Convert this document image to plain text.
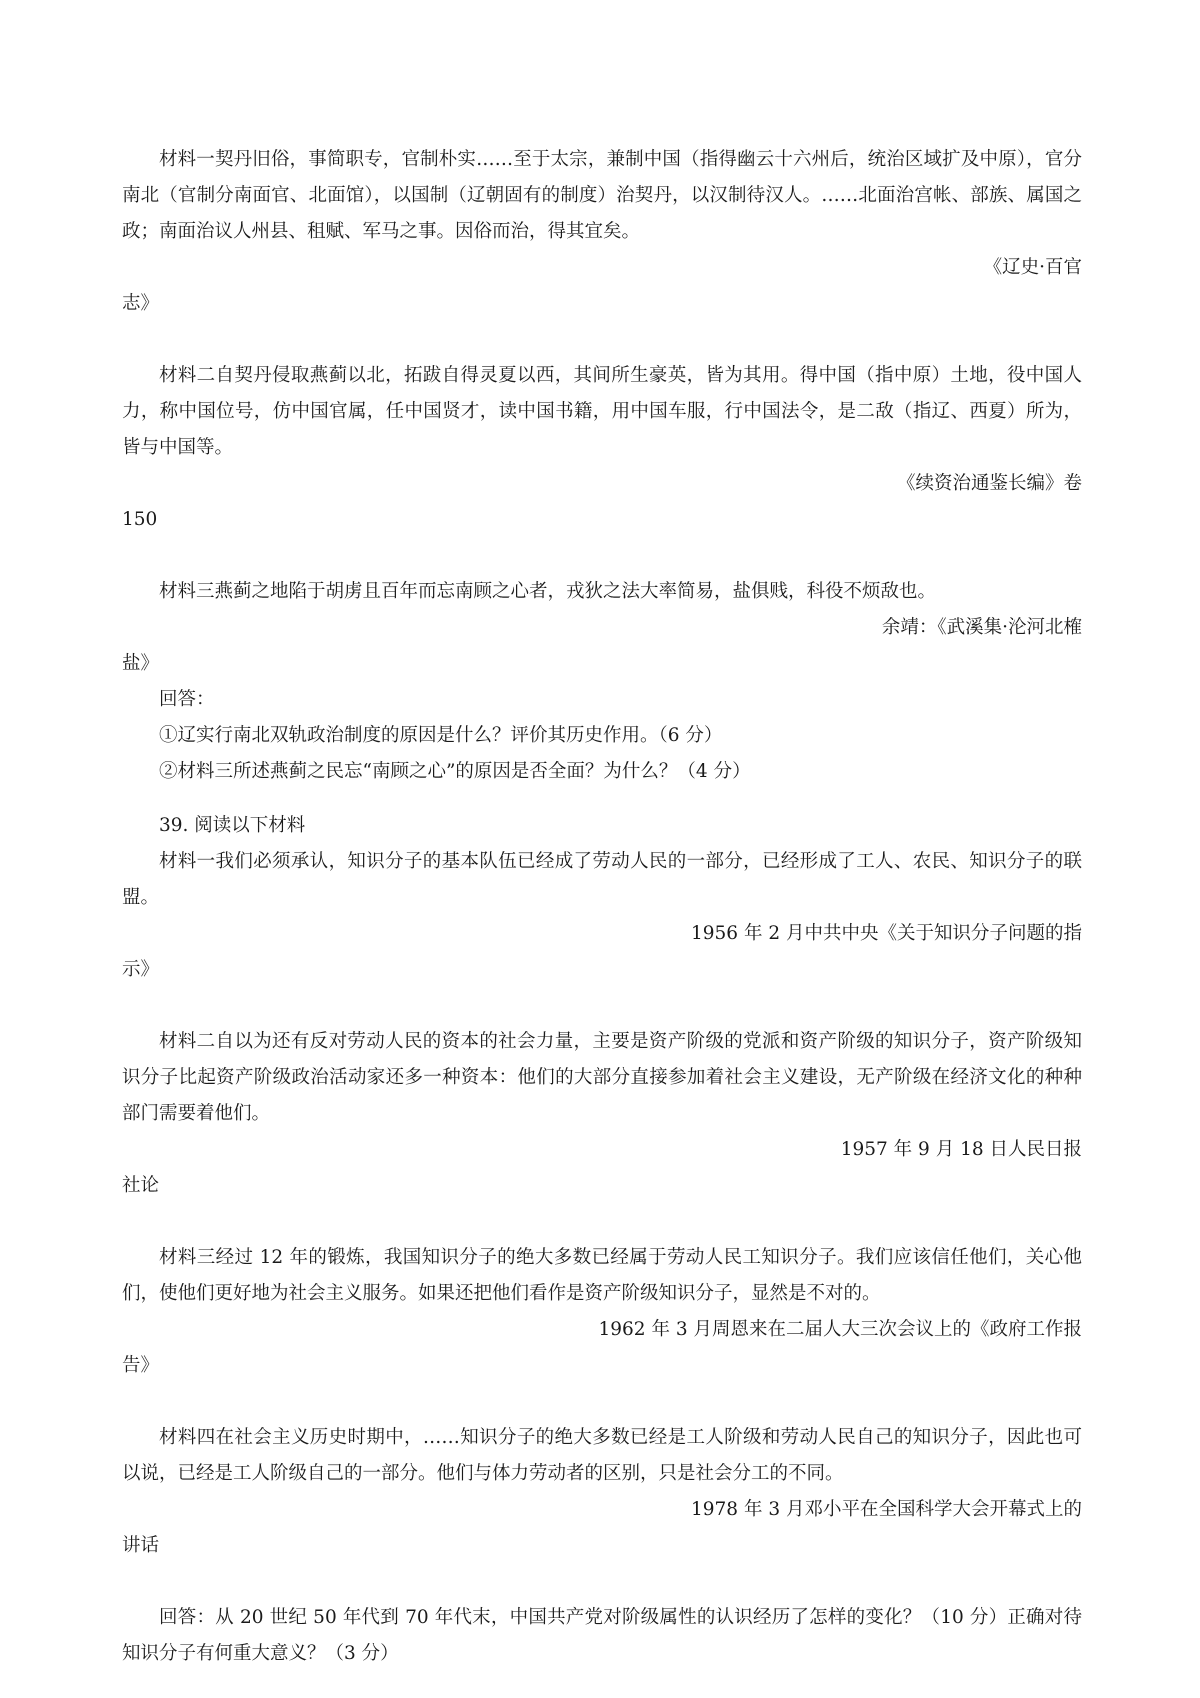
材料一契丹旧俗，事简职专，官制朴实……至于太宗，兼制中国（指得幽云十六州后，统治区域扩及中原），官分南北（官制分南面官、北面馆），以国制（辽朝固有的制度）治契丹，以汉制待汉人。……北面治宫帐、部族、属国之政；南面治议人州县、租赋、军马之事。因俗而治，得其宜矣。

《辽史·百官

志》

材料二自契丹侵取燕蓟以北，拓跋自得灵夏以西，其间所生豪英，皆为其用。得中国（指中原）土地，役中国人力，称中国位号，仿中国官属，任中国贤才，读中国书籍，用中国车服，行中国法令，是二敌（指辽、西夏）所为，皆与中国等。

《续资治通鉴长编》卷

150

材料三燕蓟之地陷于胡虏且百年而忘南顾之心者，戎狄之法大率简易，盐俱贱，科役不烦敌也。

余靖：《武溪集·沦河北榷

盐》

回答：

①辽实行南北双轨政治制度的原因是什么？评价其历史作用。（6 分）

②材料三所述燕蓟之民忘“南顾之心”的原因是否全面？为什么？（4 分）

39. 阅读以下材料

材料一我们必须承认，知识分子的基本队伍已经成了劳动人民的一部分，已经形成了工人、农民、知识分子的联盟。

1956 年 2 月中共中央《关于知识分子问题的指

示》

材料二自以为还有反对劳动人民的资本的社会力量，主要是资产阶级的党派和资产阶级的知识分子，资产阶级知识分子比起资产阶级政治活动家还多一种资本：他们的大部分直接参加着社会主义建设，无产阶级在经济文化的种种部门需要着他们。

1957 年 9 月 18 日人民日报

社论

材料三经过 12 年的锻炼，我国知识分子的绝大多数已经属于劳动人民工知识分子。我们应该信任他们，关心他们，使他们更好地为社会主义服务。如果还把他们看作是资产阶级知识分子，显然是不对的。

1962 年 3 月周恩来在二届人大三次会议上的《政府工作报

告》

材料四在社会主义历史时期中，……知识分子的绝大多数已经是工人阶级和劳动人民自己的知识分子，因此也可以说，已经是工人阶级自己的一部分。他们与体力劳动者的区别，只是社会分工的不同。

1978 年 3 月邓小平在全国科学大会开幕式上的

讲话

回答：从 20 世纪 50 年代到 70 年代末，中国共产党对阶级属性的认识经历了怎样的变化？（10 分）正确对待知识分子有何重大意义？（3 分）
